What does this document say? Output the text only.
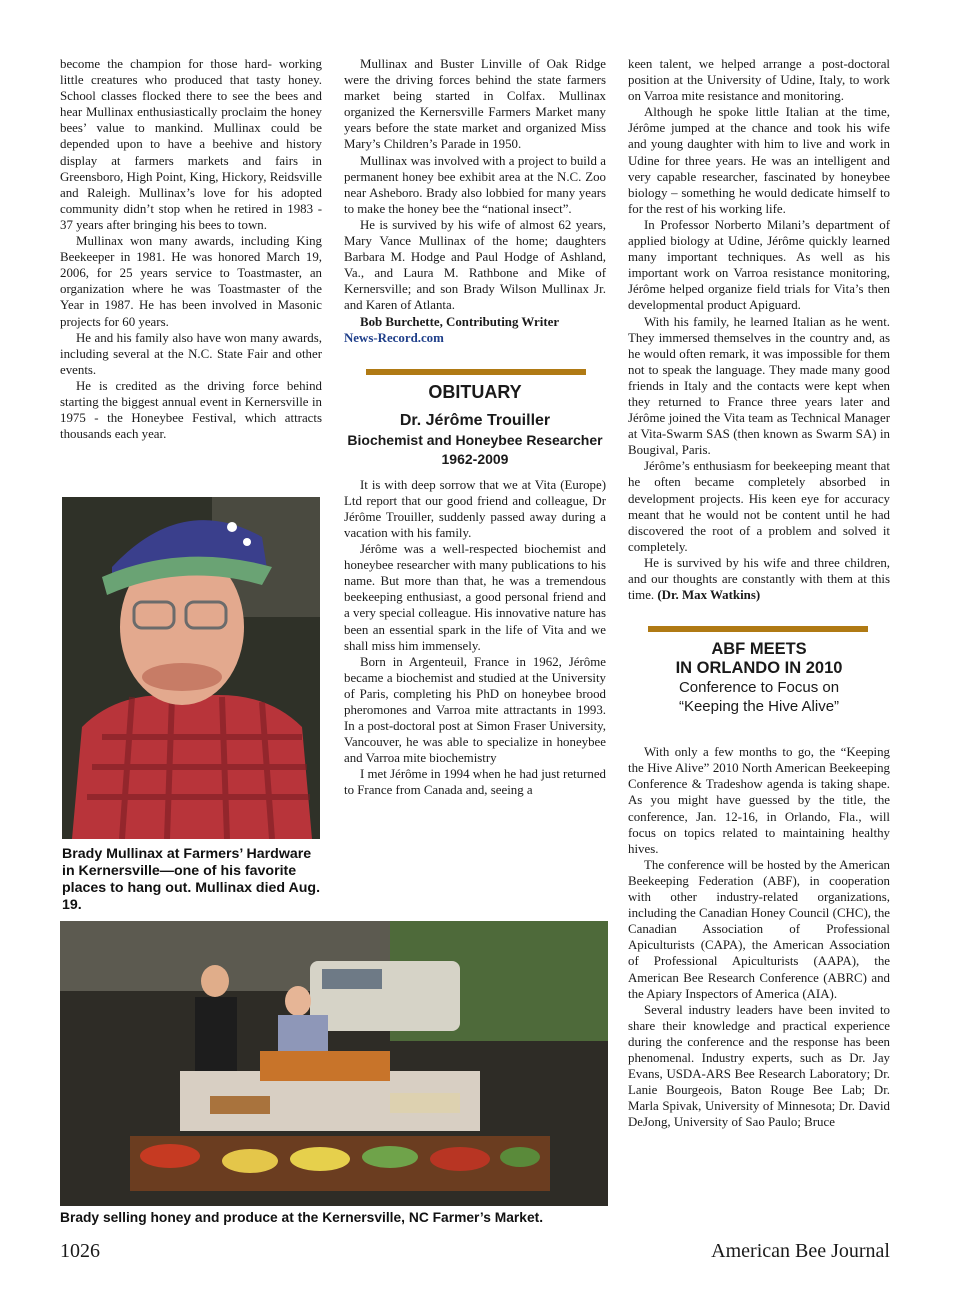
become the champion for those hard- working little creatures who produced that tasty honey. School classes flocked there to see the bees and hear Mullinax enthusiastically proclaim the honey bees’ value to mankind. Mullinax could be depended upon to have a beehive and history display at farmers markets and fairs in Greensboro, High Point, King, Hickory, Reidsville and Raleigh. Mullinax’s love for his adopted community didn’t stop when he retired in 1983 - 37 years after bringing his bees to town.

Mullinax won many awards, including King Beekeeper in 1981. He was honored March 19, 2006, for 25 years service to Toastmaster, an organization where he was Toastmaster of the Year in 1987. He has been involved in Masonic projects for 60 years.

He and his family also have won many awards, including several at the N.C. State Fair and other events.

He is credited as the driving force behind starting the biggest annual event in Kernersville in 1975 - the Honeybee Festival, which attracts thousands each year.

Brady Mullinax at Farmers’ Hardware in Kernersville—one of his favorite places to hang out. Mullinax died Aug. 19.

Mullinax and Buster Linville of Oak Ridge were the driving forces behind the state farmers market being started in Colfax. Mullinax organized the Kernersville Farmers Market many years before the state market and organized Miss Mary’s Children’s Parade in 1950.

Mullinax was involved with a project to build a permanent honey bee exhibit area at the N.C. Zoo near Asheboro. Brady also lobbied for many years to make the honey bee the “national insect”.

He is survived by his wife of almost 62 years, Mary Vance Mullinax of the home; daughters Barbara M. Hodge and Paul Hodge of Ashland, Va., and Laura M. Rathbone and Mike of Kernersville; and son Brady Wilson Mullinax Jr. and Karen of Atlanta.

Bob Burchette, Contributing Writer

News-Record.com

OBITUARY
Dr. Jérôme Trouiller
Biochemist and Honeybee Researcher
1962-2009

It is with deep sorrow that we at Vita (Europe) Ltd report that our good friend and colleague, Dr Jérôme Trouiller, suddenly passed away during a vacation with his family.

Jérôme was a well-respected biochemist and honeybee researcher with many publications to his name. But more than that, he was a tremendous beekeeping enthusiast, a good personal friend and a very special colleague. His innovative nature has been an essential spark in the life of Vita and we shall miss him immensely.

Born in Argenteuil, France in 1962, Jérôme became a biochemist and studied at the University of Paris, completing his PhD on honeybee brood pheromones and Varroa mite attractants in 1993. In a post-doctoral post at Simon Fraser University, Vancouver, he was able to specialize in honeybee and Varroa mite biochemistry

I met Jérôme in 1994 when he had just returned to France from Canada and, seeing a

keen talent, we helped arrange a post-doctoral position at the University of Udine, Italy, to work on Varroa mite resistance and monitoring.

Although he spoke little Italian at the time, Jérôme jumped at the chance and took his wife and young daughter with him to live and work in Udine for three years. He was an intelligent and very capable researcher, fascinated by honeybee biology – something he would dedicate himself to for the rest of his working life.

In Professor Norberto Milani’s department of applied biology at Udine, Jérôme quickly learned many important techniques. As well as his important work on Varroa resistance monitoring, Jérôme helped organize field trials for Vita’s then developmental product Apiguard.

With his family, he learned Italian as he went. They immersed themselves in the country and, as he would often remark, it was impossible for them not to speak the language. They made many good friends in Italy and the contacts were kept when they returned to France three years later and Jérôme joined the Vita team as Technical Manager at Vita-Swarm SAS (then known as Swarm SA) in Bougival, Paris.

Jérôme’s enthusiasm for beekeeping meant that he often became completely absorbed in development projects. His keen eye for accuracy meant that he would not be content until he had discovered the root of a problem and solved it completely.

He is survived by his wife and three children, and our thoughts are constantly with them at this time. (Dr. Max Watkins)

ABF MEETS
IN ORLANDO IN 2010
Conference to Focus on
“Keeping the Hive Alive”

With only a few months to go, the “Keeping the Hive Alive” 2010 North American Beekeeping Conference & Tradeshow agenda is taking shape. As you might have guessed by the title, the conference, Jan. 12-16, in Orlando, Fla., will focus on topics related to maintaining healthy hives.

The conference will be hosted by the American Beekeeping Federation (ABF), in cooperation with other industry-related organizations, including the Canadian Honey Council (CHC), the Canadian Association of Professional Apiculturists (CAPA), the American Association of Professional Apiculturists (AAPA), the American Bee Research Conference (ABRC) and the Apiary Inspectors of America (AIA).

Several industry leaders have been invited to share their knowledge and practical experience during the conference and the response has been phenomenal. Industry experts, such as Dr. Jay Evans, USDA-ARS Bee Research Laboratory; Dr. Lanie Bourgeois, Baton Rouge Bee Lab; Dr. Marla Spivak, University of Minnesota; Dr. David DeJong, University of Sao Paulo; Bruce

Brady selling honey and produce at the Kernersville, NC Farmer’s Market.
1026	American Bee Journal
